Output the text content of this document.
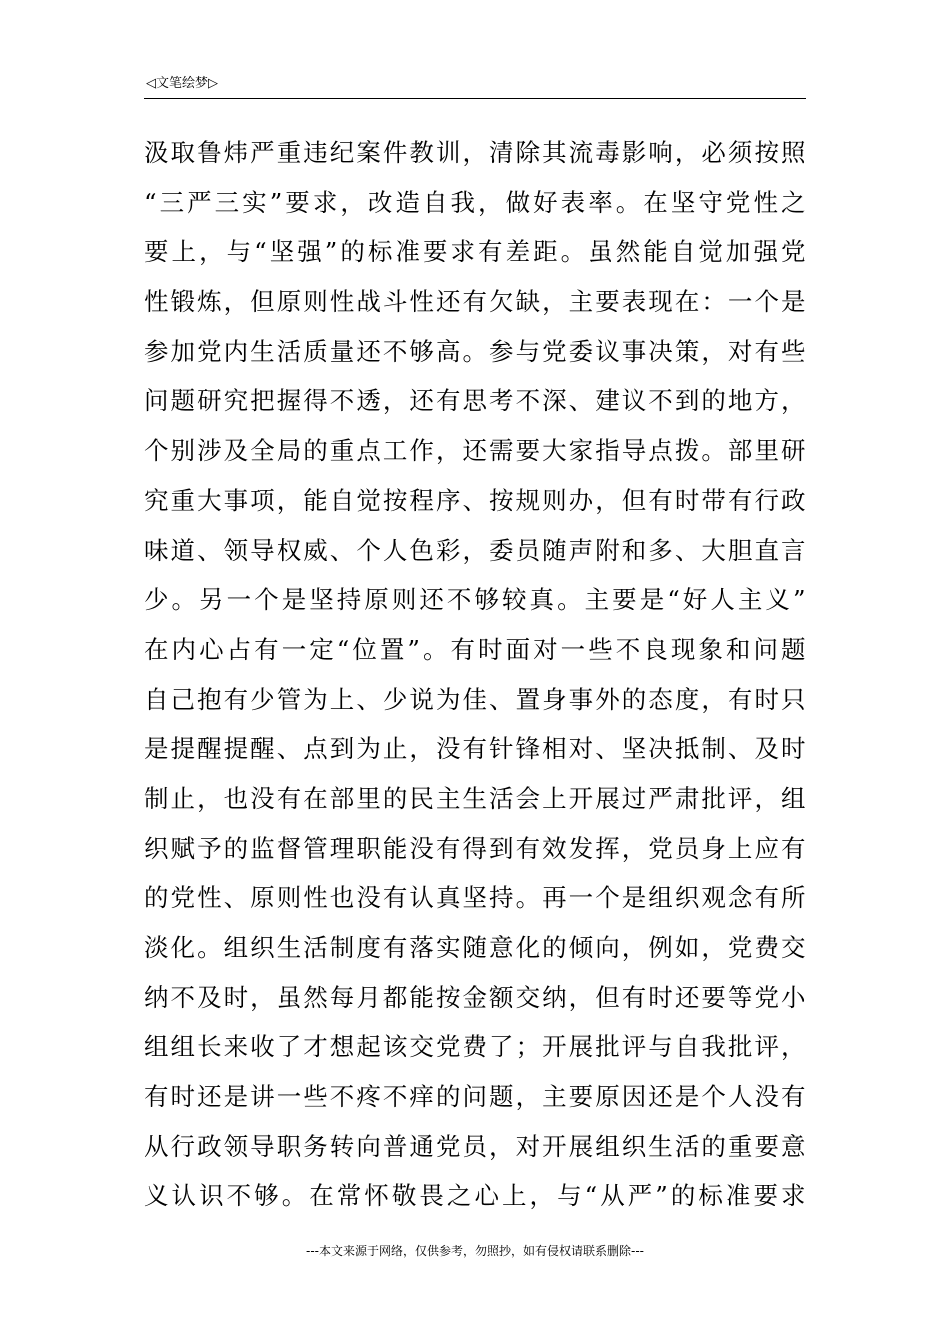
◁文笔绘梦▷
汲取鲁炜严重违纪案件教训，清除其流毒影响，必须按照
“三严三实”要求，改造自我，做好表率。在坚守党性之
要上，与“坚强”的标准要求有差距。虽然能自觉加强党
性锻炼，但原则性战斗性还有欠缺，主要表现在：一个是
参加党内生活质量还不够高。参与党委议事决策，对有些
问题研究把握得不透，还有思考不深、建议不到的地方，
个别涉及全局的重点工作，还需要大家指导点拨。部里研
究重大事项，能自觉按程序、按规则办，但有时带有行政
味道、领导权威、个人色彩，委员随声附和多、大胆直言
少。另一个是坚持原则还不够较真。主要是“好人主义”
在内心占有一定“位置”。有时面对一些不良现象和问题
自己抱有少管为上、少说为佳、置身事外的态度，有时只
是提醒提醒、点到为止，没有针锋相对、坚决抵制、及时
制止，也没有在部里的民主生活会上开展过严肃批评，组
织赋予的监督管理职能没有得到有效发挥，党员身上应有
的党性、原则性也没有认真坚持。再一个是组织观念有所
淡化。组织生活制度有落实随意化的倾向，例如，党费交
纳不及时，虽然每月都能按金额交纳，但有时还要等党小
组组长来收了才想起该交党费了；开展批评与自我批评，
有时还是讲一些不疼不痒的问题，主要原因还是个人没有
从行政领导职务转向普通党员，对开展组织生活的重要意
义认识不够。在常怀敬畏之心上，与“从严”的标准要求
---本文来源于网络，仅供参考，勿照抄，如有侵权请联系删除---
